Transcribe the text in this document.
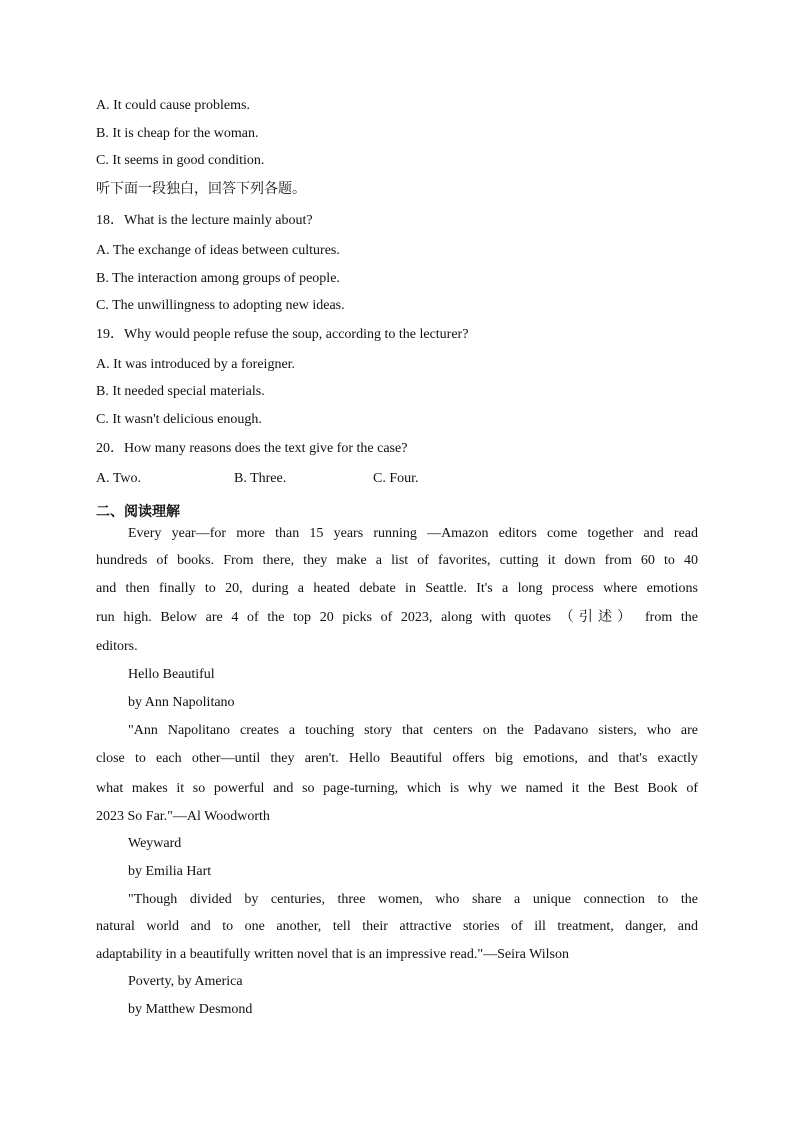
A. It could cause problems.
B. It is cheap for the woman.
C. It seems in good condition.
听下面一段独白，回答下列各题。
18．What is the lecture mainly about?
A. The exchange of ideas between cultures.
B. The interaction among groups of people.
C. The unwillingness to adopting new ideas.
19．Why would people refuse the soup, according to the lecturer?
A. It was introduced by a foreigner.
B. It needed special materials.
C. It wasn't delicious enough.
20．How many reasons does the text give for the case?
A. Two.	B. Three.	C. Four.
二、阅读理解
Every year—for more than 15 years running —Amazon editors come together and read
hundreds of books. From there, they make a list of favorites, cutting it down from 60 to 40
and then finally to 20, during a heated debate in Seattle. It's a long process where emotions
run high. Below are 4 of the top 20 picks of 2023, along with quotes （引述） from the
editors.
Hello Beautiful
by Ann Napolitano
"Ann Napolitano creates a touching story that centers on the Padavano sisters, who are
close to each other—until they aren't. Hello Beautiful offers big emotions, and that's exactly
what makes it so powerful and so page-turning, which is why we named it the Best Book of
2023 So Far."—Al Woodworth
Weyward
by Emilia Hart
"Though divided by centuries, three women, who share a unique connection to the
natural world and to one another, tell their attractive stories of ill treatment, danger, and
adaptability in a beautifully written novel that is an impressive read."—Seira Wilson
Poverty, by America
by Matthew Desmond
